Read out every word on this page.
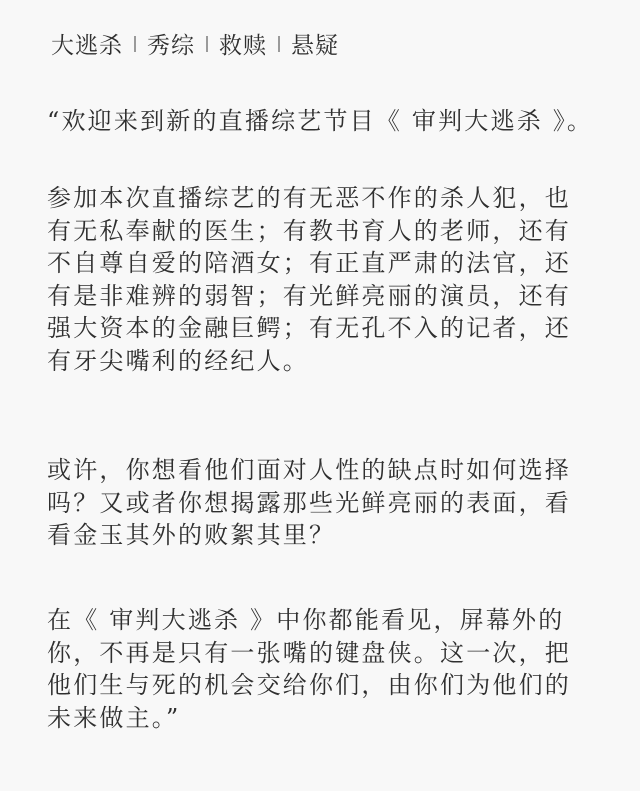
大逃杀 秀综 救赎 悬疑
“欢迎来到新的直播综艺节目《 审判大逃杀 》。
参加本次直播综艺的有无恶不作的杀人犯，也
有无私奉献的医生；有教书育人的老师，还有
不自尊自爱的陪酒女；有正直严肃的法官，还
有是非难辨的弱智；有光鲜亮丽的演员，还有
强大资本的金融巨鳄；有无孔不入的记者，还
有牙尖嘴利的经纪人。
或许，你想看他们面对人性的缺点时如何选择
吗？又或者你想揭露那些光鲜亮丽的表面，看
看金玉其外的败絮其里？
在《 审判大逃杀 》中你都能看见，屏幕外的
你，不再是只有一张嘴的键盘侠。这一次，把
他们生与死的机会交给你们，由你们为他们的
未来做主。”
